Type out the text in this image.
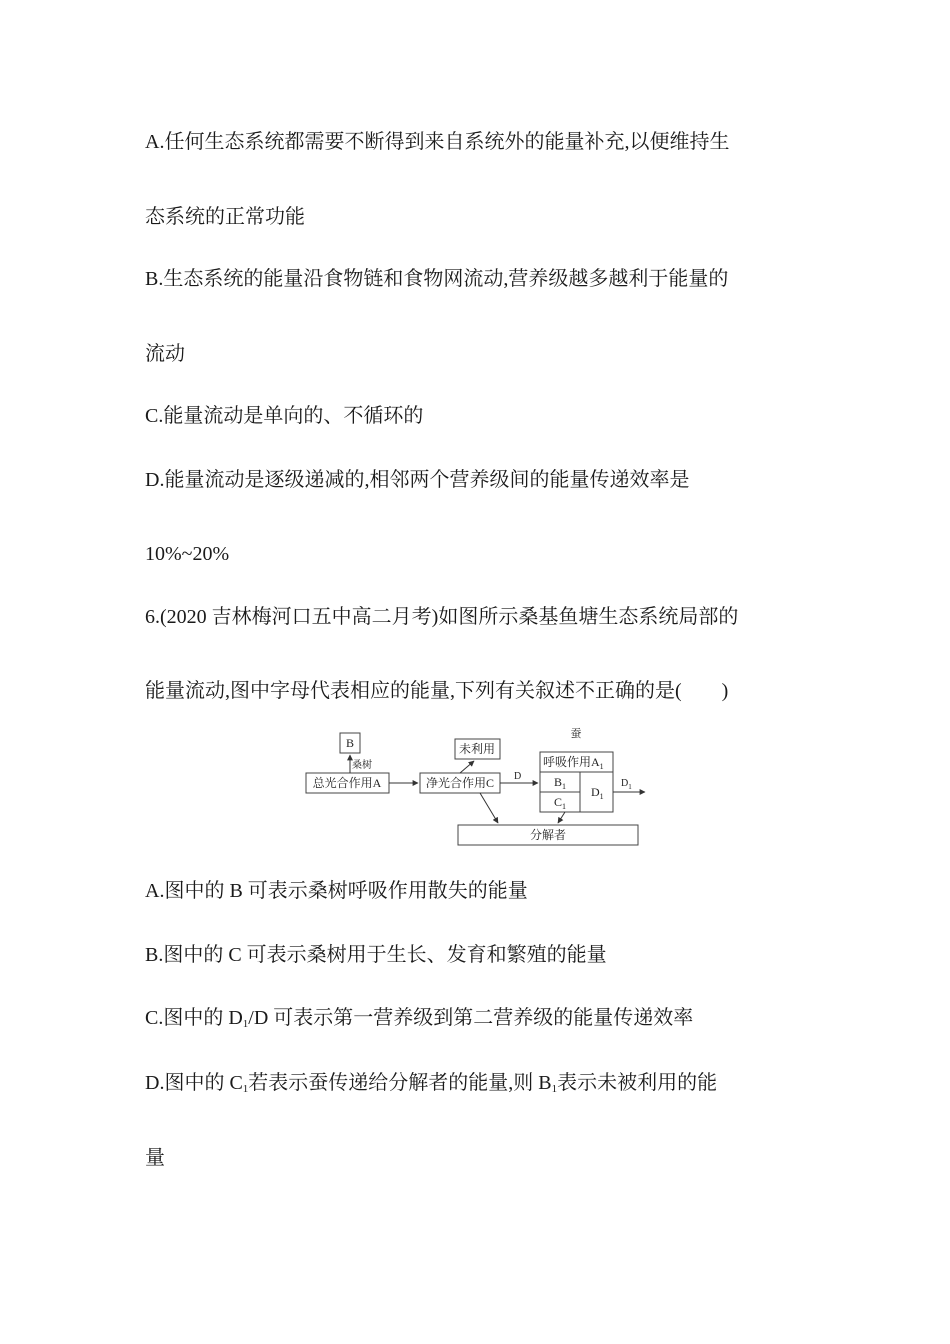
A.任何生态系统都需要不断得到来自系统外的能量补充,以便维持生
态系统的正常功能
B.生态系统的能量沿食物链和食物网流动,营养级越多越利于能量的
流动
C.能量流动是单向的、不循环的
D.能量流动是逐级递减的,相邻两个营养级间的能量传递效率是
10%~20%
6.(2020 吉林梅河口五中高二月考)如图所示桑基鱼塘生态系统局部的
能量流动,图中字母代表相应的能量,下列有关叙述不正确的是(　　)
B
桑树
总光合作用A	净光合作用C
未利用
D
蚕
呼吸作用$A_1$
$B_1$
$C_1$
$D_1$
$D_1$
分解者
A.图中的 B 可表示桑树呼吸作用散失的能量
B.图中的 C 可表示桑树用于生长、发育和繁殖的能量
C.图中的 $D_1/D$ 可表示第一营养级到第二营养级的能量传递效率
D.图中的 $C_1$若表示蚕传递给分解者的能量,则 $B_1$表示未被利用的能
量
